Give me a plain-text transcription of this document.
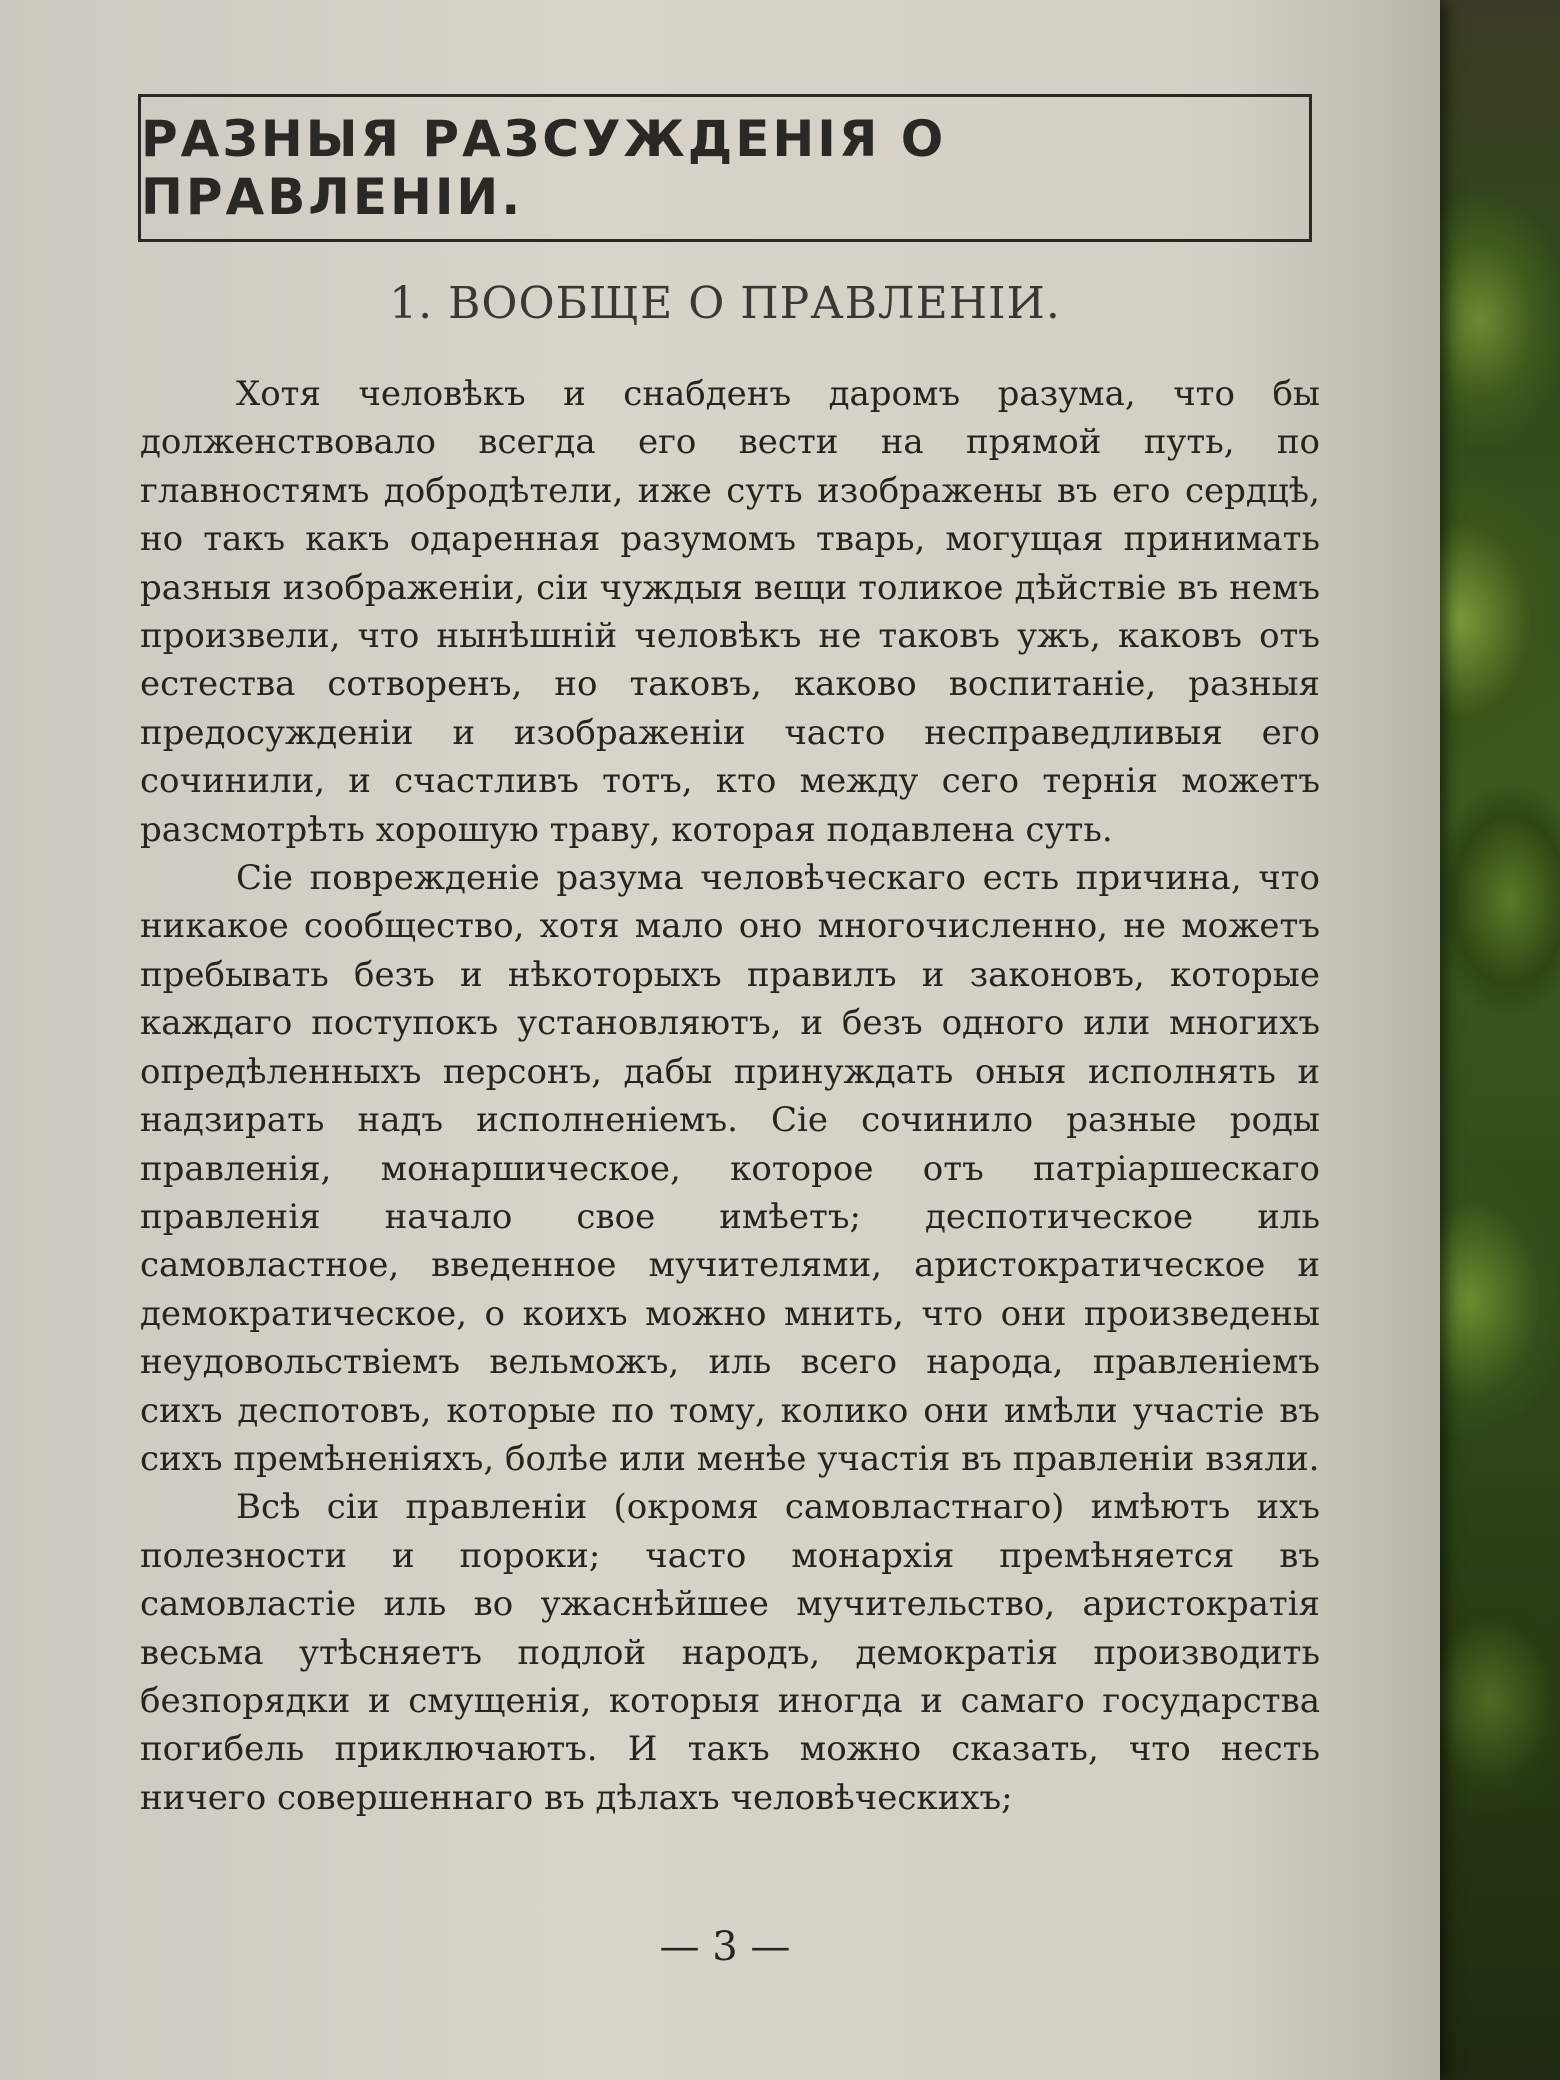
РАЗНЫЯ РАЗСУЖДЕНІЯ О ПРАВЛЕНІИ.
1. ВООБЩЕ О ПРАВЛЕНІИ.

Хотя человѣкъ и снабденъ даромъ разума, что бы долженствовало всегда его вести на прямой путь, по главностямъ добродѣтели, иже суть изображены въ его сердцѣ, но такъ какъ одаренная разумомъ тварь, могущая принимать разныя изображеніи, сіи чуждыя вещи толикое дѣйствіе въ немъ произвели, что нынѣшній человѣкъ не таковъ ужъ, каковъ отъ естества сотворенъ, но таковъ, каково воспитаніе, разныя предосужденіи и изображеніи часто несправедливыя его сочинили, и счастливъ тотъ, кто между сего тернія можетъ разсмотрѣть хорошую траву, которая подавлена суть.

Сіе поврежденіе разума человѣческаго есть причина, что никакое сообщество, хотя мало оно многочисленно, не можетъ пребывать безъ и нѣкоторыхъ правилъ и законовъ, которые каждаго поступокъ установляютъ, и безъ одного или многихъ опредѣленныхъ персонъ, дабы принуждать оныя исполнять и надзирать надъ исполненіемъ. Сіе сочинило разные роды правленія, монаршическое, которое отъ патріаршескаго правленія начало свое имѣетъ; деспотическое иль самовластное, введенное мучителями, аристократическое и демократическое, о коихъ можно мнить, что они произведены неудовольствіемъ вельможъ, иль всего народа, правленіемъ сихъ деспотовъ, которые по тому, колико они имѣли участіе въ сихъ премѣненіяхъ, болѣе или менѣе участія въ правленіи взяли.

Всѣ сіи правленіи (окромя самовластнаго) имѣютъ ихъ полезности и пороки; часто монархія премѣняется въ самовластіе иль во ужаснѣйшее мучительство, аристократія весьма утѣсняетъ подлой народъ, демократія производить безпорядки и смущенія, которыя иногда и самаго государства погибель приключаютъ. И такъ можно сказать, что несть ничего совершеннаго въ дѣлахъ человѣческихъ;

— 3 —
